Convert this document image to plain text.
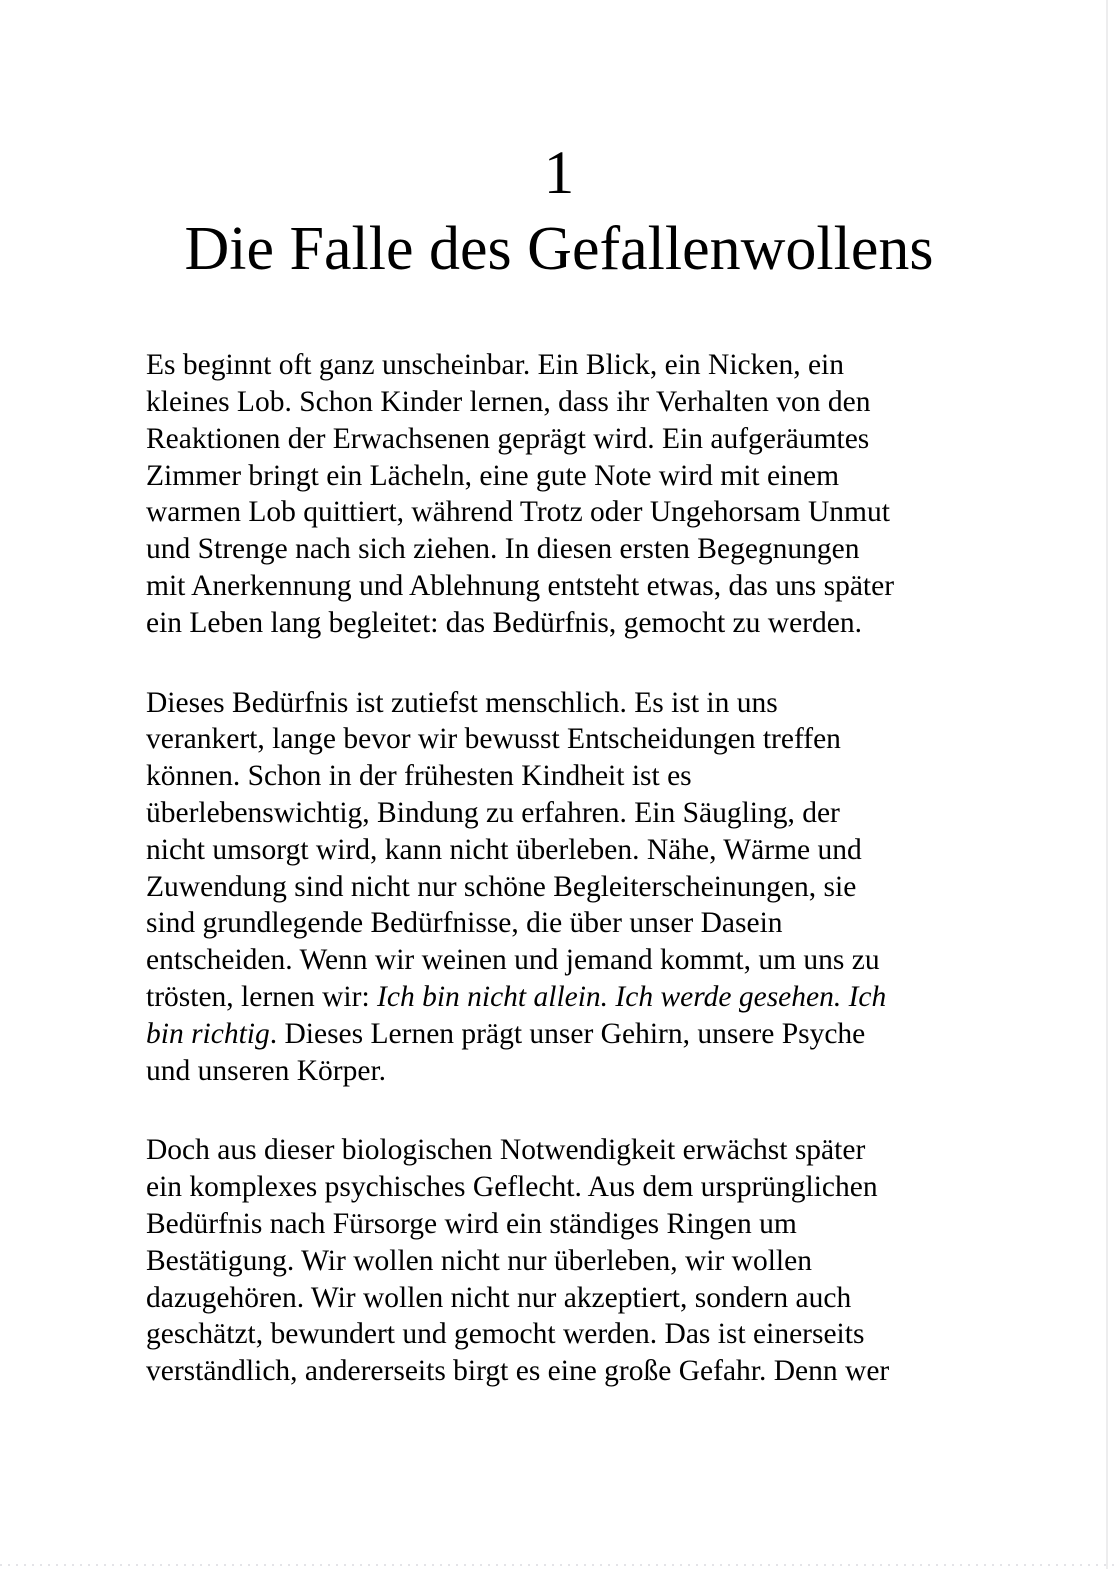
1
Die Falle des Gefallenwollens

Es beginnt oft ganz unscheinbar. Ein Blick, ein Nicken, ein
kleines Lob. Schon Kinder lernen, dass ihr Verhalten von den
Reaktionen der Erwachsenen geprägt wird. Ein aufgeräumtes
Zimmer bringt ein Lächeln, eine gute Note wird mit einem
warmen Lob quittiert, während Trotz oder Ungehorsam Unmut
und Strenge nach sich ziehen. In diesen ersten Begegnungen
mit Anerkennung und Ablehnung entsteht etwas, das uns später
ein Leben lang begleitet: das Bedürfnis, gemocht zu werden.

Dieses Bedürfnis ist zutiefst menschlich. Es ist in uns
verankert, lange bevor wir bewusst Entscheidungen treffen
können. Schon in der frühesten Kindheit ist es
überlebenswichtig, Bindung zu erfahren. Ein Säugling, der
nicht umsorgt wird, kann nicht überleben. Nähe, Wärme und
Zuwendung sind nicht nur schöne Begleiterscheinungen, sie
sind grundlegende Bedürfnisse, die über unser Dasein
entscheiden. Wenn wir weinen und jemand kommt, um uns zu
trösten, lernen wir: Ich bin nicht allein. Ich werde gesehen. Ich
bin richtig. Dieses Lernen prägt unser Gehirn, unsere Psyche
und unseren Körper.

Doch aus dieser biologischen Notwendigkeit erwächst später
ein komplexes psychisches Geflecht. Aus dem ursprünglichen
Bedürfnis nach Fürsorge wird ein ständiges Ringen um
Bestätigung. Wir wollen nicht nur überleben, wir wollen
dazugehören. Wir wollen nicht nur akzeptiert, sondern auch
geschätzt, bewundert und gemocht werden. Das ist einerseits
verständlich, andererseits birgt es eine große Gefahr. Denn wer
